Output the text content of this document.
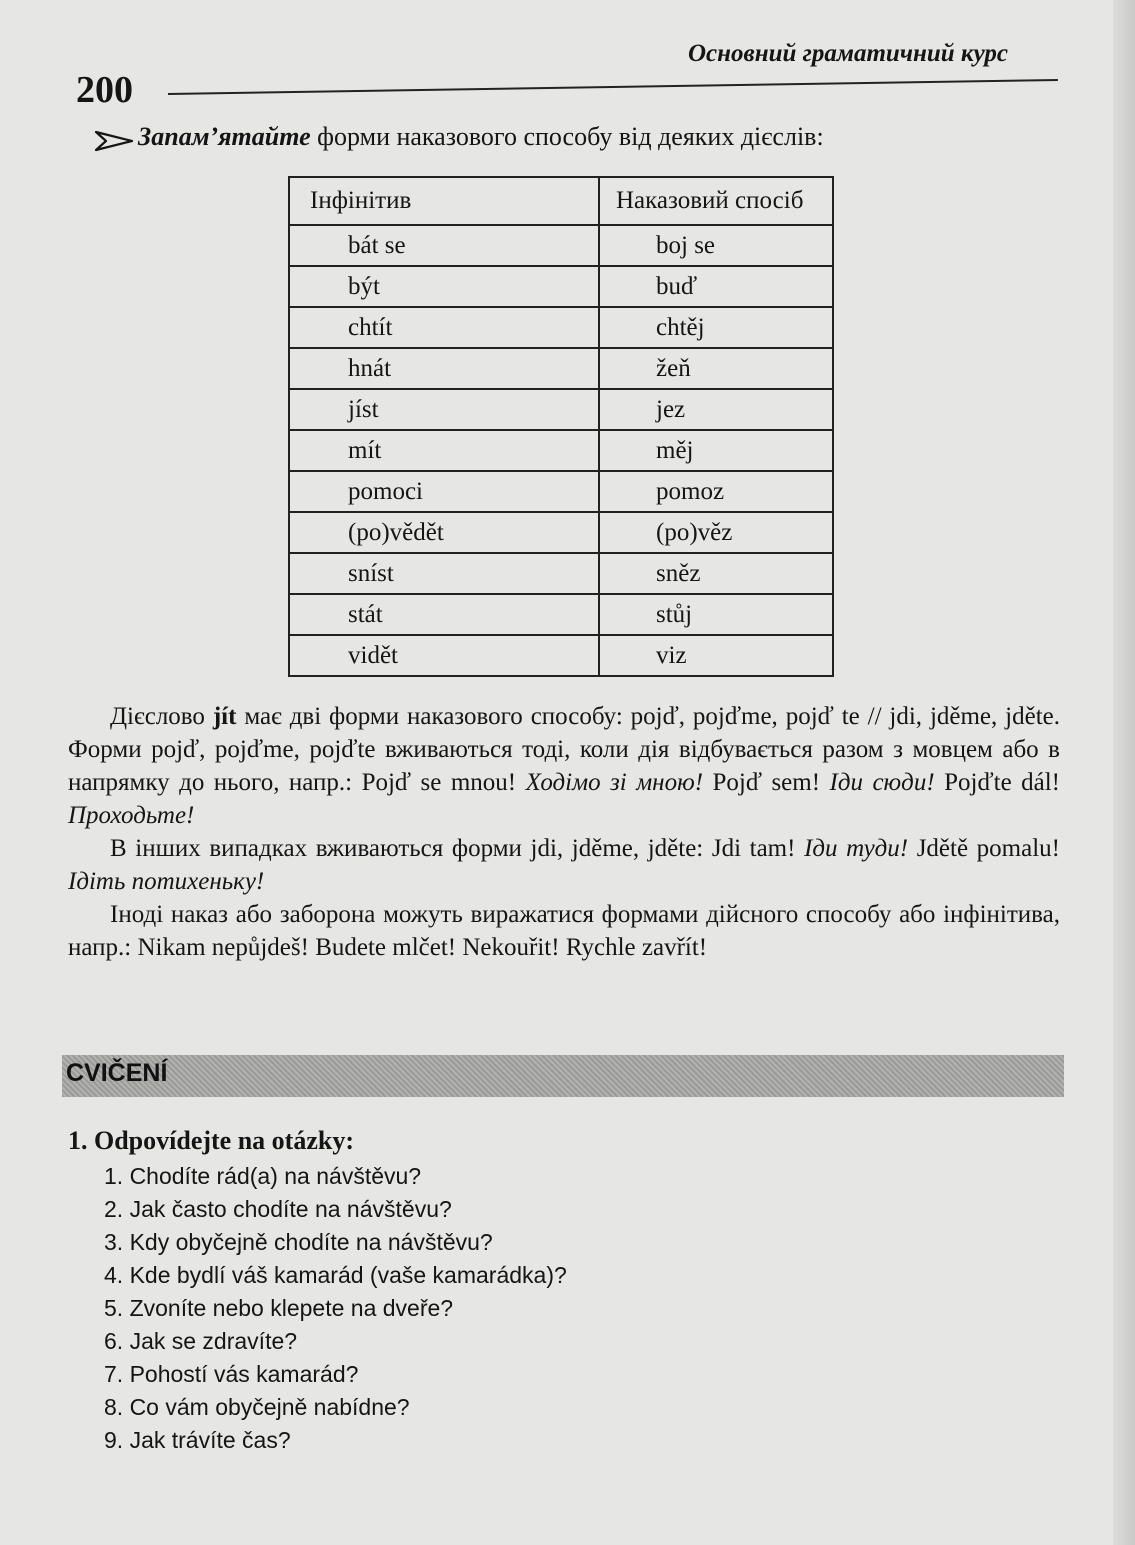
Основний граматичний курс
200
Запам’ятайте форми наказового способу від деяких дієслів:
Інфінітив	Наказовий спосіб
bát se	boj se
být	buď
chtít	chtěj
hnát	žeň
jíst	jez
mít	měj
pomoci	pomoz
(po)vědět	(po)věz
sníst	sněz
stát	stůj
vidět	viz
Дієслово jít має дві форми наказового способу: pojď, pojďme, pojď te // jdi, jděme, jděte. Форми pojď, pojďme, pojďte вживаються тоді, коли дія відбувається разом з мовцем або в напрямку до нього, напр.: Pojď se mnou! Ходімо зі мною! Pojď sem! Іди сюди! Pojďte dál! Проходьте!
В інших випадках вживаються форми jdi, jděme, jděte: Jdi tam! Іди туди! Jdětě pomalu! Ідіть потихеньку!
Іноді наказ або заборона можуть виражатися формами дійсного способу або інфінітива, напр.: Nikam nepůjdeš! Budete mlčet! Nekouřit! Rychle zavřít!
CVIČENÍ
1. Odpovídejte na otázky:
1. Chodíte rád(a) na návštěvu?
2. Jak často chodíte na návštěvu?
3. Kdy obyčejně chodíte na návštěvu?
4. Kde bydlí váš kamarád (vaše kamarádka)?
5. Zvoníte nebo klepete na dveře?
6. Jak se zdravíte?
7. Pohostí vás kamarád?
8. Co vám obyčejně nabídne?
9. Jak trávíte čas?
